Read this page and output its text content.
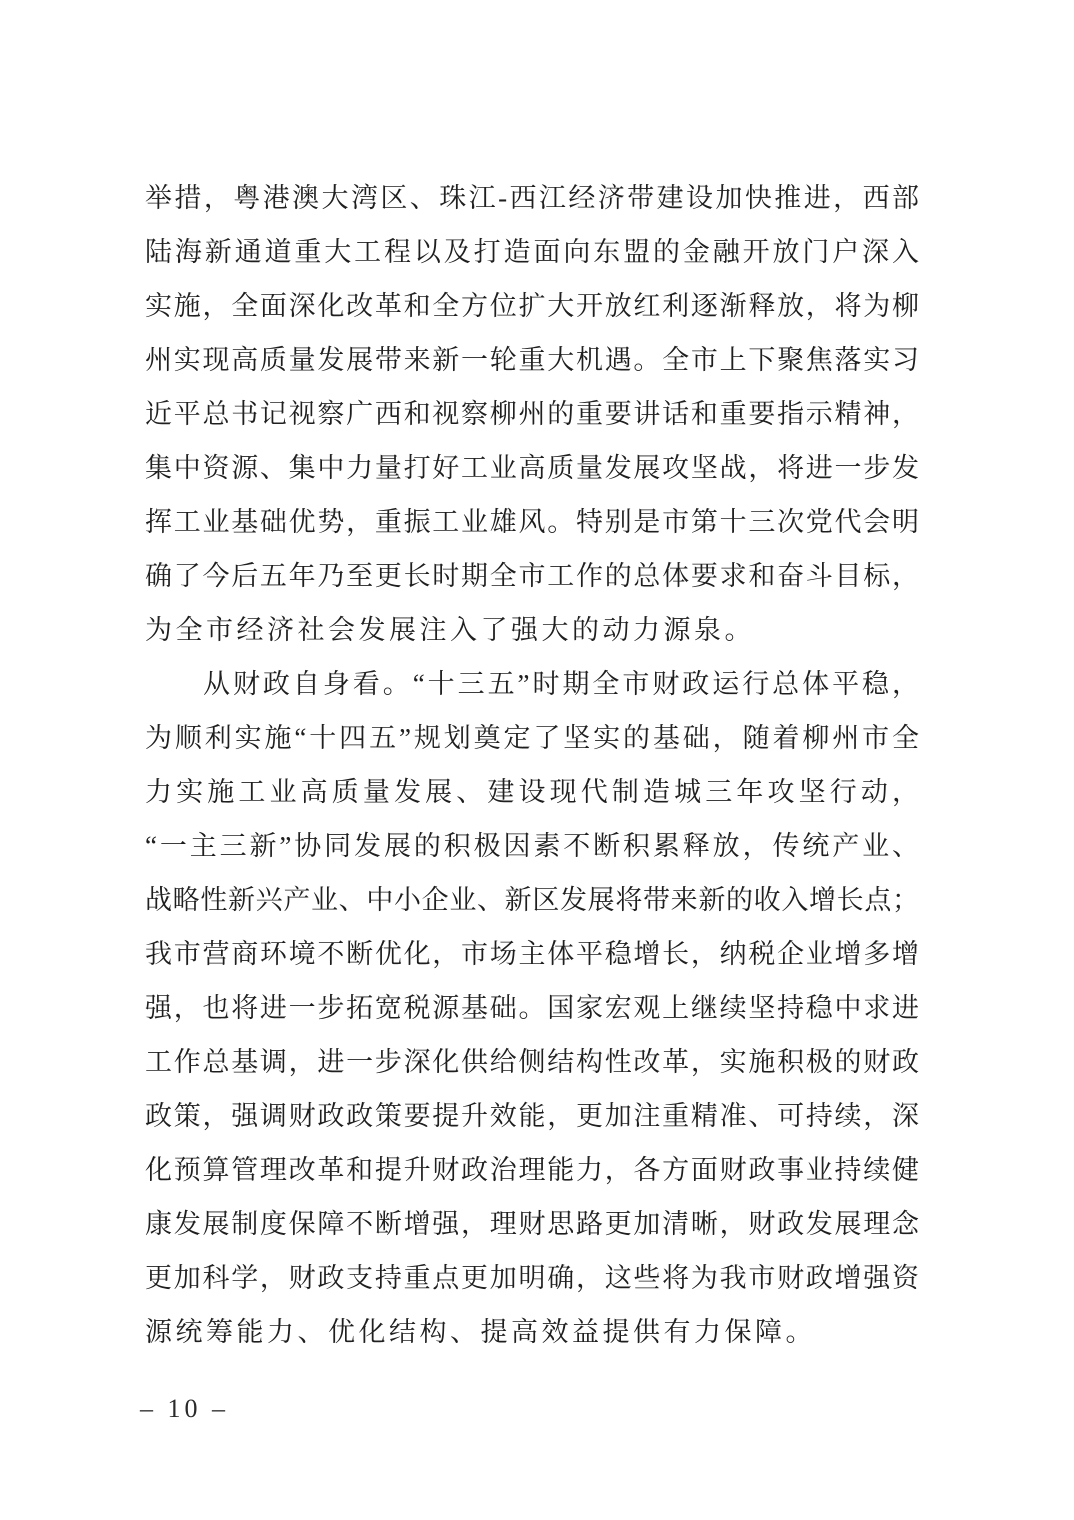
举措，粤港澳大湾区、珠江-西江经济带建设加快推进，西部
陆海新通道重大工程以及打造面向东盟的金融开放门户深入
实施，全面深化改革和全方位扩大开放红利逐渐释放，将为柳
州实现高质量发展带来新一轮重大机遇。全市上下聚焦落实习
近平总书记视察广西和视察柳州的重要讲话和重要指示精神，
集中资源、集中力量打好工业高质量发展攻坚战，将进一步发
挥工业基础优势，重振工业雄风。特别是市第十三次党代会明
确了今后五年乃至更长时期全市工作的总体要求和奋斗目标，
为全市经济社会发展注入了强大的动力源泉。
从财政自身看。“十三五”时期全市财政运行总体平稳，
为顺利实施“十四五”规划奠定了坚实的基础，随着柳州市全
力实施工业高质量发展、建设现代制造城三年攻坚行动，
“一主三新”协同发展的积极因素不断积累释放，传统产业、
战略性新兴产业、中小企业、新区发展将带来新的收入增长点；
我市营商环境不断优化，市场主体平稳增长，纳税企业增多增
强，也将进一步拓宽税源基础。国家宏观上继续坚持稳中求进
工作总基调，进一步深化供给侧结构性改革，实施积极的财政
政策，强调财政政策要提升效能，更加注重精准、可持续，深
化预算管理改革和提升财政治理能力，各方面财政事业持续健
康发展制度保障不断增强，理财思路更加清晰，财政发展理念
更加科学，财政支持重点更加明确，这些将为我市财政增强资
源统筹能力、优化结构、提高效益提供有力保障。
– 10 –
